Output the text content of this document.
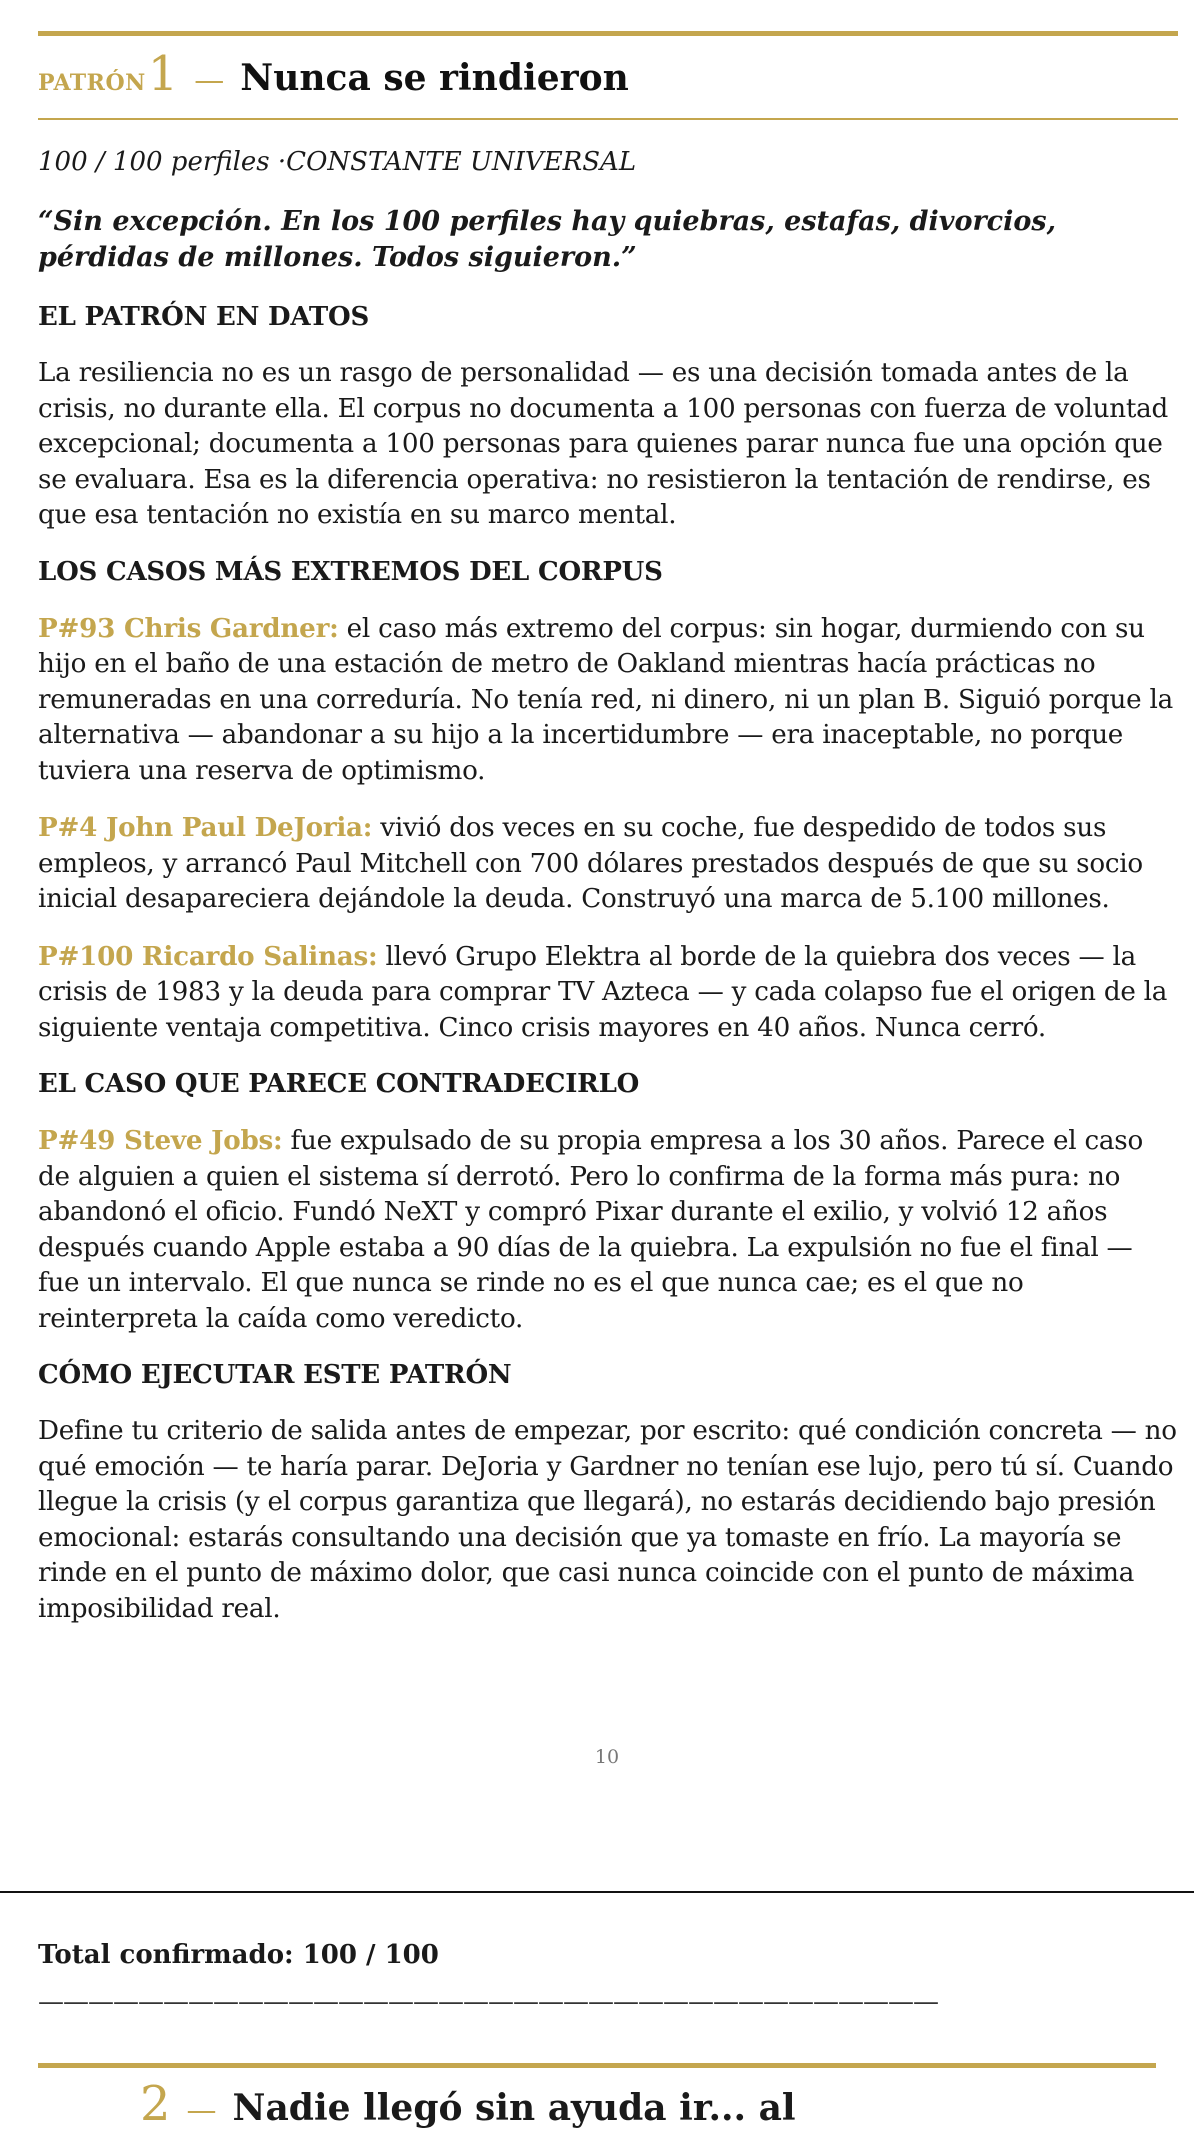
PATRÓN 1 — Nunca se rindieron
100 / 100 perfiles ·CONSTANTE UNIVERSAL
“Sin excepción. En los 100 perfiles hay quiebras, estafas, divorcios, pérdidas de millones. Todos siguieron.”
EL PATRÓN EN DATOS

La resiliencia no es un rasgo de personalidad — es una decisión tomada antes de la crisis, no durante ella. El corpus no documenta a 100 personas con fuerza de voluntad excepcional; documenta a 100 personas para quienes parar nunca fue una opción que se evaluara. Esa es la diferencia operativa: no resistieron la tentación de rendirse, es que esa tentación no existía en su marco mental.

LOS CASOS MÁS EXTREMOS DEL CORPUS

P#93 Chris Gardner: el caso más extremo del corpus: sin hogar, durmiendo con su hijo en el baño de una estación de metro de Oakland mientras hacía prácticas no remuneradas en una correduría. No tenía red, ni dinero, ni un plan B. Siguió porque la alternativa — abandonar a su hijo a la incertidumbre — era inaceptable, no porque tuviera una reserva de optimismo.

P#4 John Paul DeJoria: vivió dos veces en su coche, fue despedido de todos sus empleos, y arrancó Paul Mitchell con 700 dólares prestados después de que su socio inicial desapareciera dejándole la deuda. Construyó una marca de 5.100 millones.

P#100 Ricardo Salinas: llevó Grupo Elektra al borde de la quiebra dos veces — la crisis de 1983 y la deuda para comprar TV Azteca — y cada colapso fue el origen de la siguiente ventaja competitiva. Cinco crisis mayores en 40 años. Nunca cerró.

EL CASO QUE PARECE CONTRADECIRLO

P#49 Steve Jobs: fue expulsado de su propia empresa a los 30 años. Parece el caso de alguien a quien el sistema sí derrotó. Pero lo confirma de la forma más pura: no abandonó el oficio. Fundó NeXT y compró Pixar durante el exilio, y volvió 12 años después cuando Apple estaba a 90 días de la quiebra. La expulsión no fue el final — fue un intervalo. El que nunca se rinde no es el que nunca cae; es el que no reinterpreta la caída como veredicto.

CÓMO EJECUTAR ESTE PATRÓN

Define tu criterio de salida antes de empezar, por escrito: qué condición concreta — no qué emoción — te haría parar. DeJoria y Gardner no tenían ese lujo, pero tú sí. Cuando llegue la crisis (y el corpus garantiza que llegará), no estarás decidiendo bajo presión emocional: estarás consultando una decisión que ya tomaste en frío. La mayoría se rinde en el punto de máximo dolor, que casi nunca coincide con el punto de máxima imposibilidad real.

10
Total confirmado: 100 / 100
————————————————————————————————————
2 — Nadie llegó sin ayuda ir... al
